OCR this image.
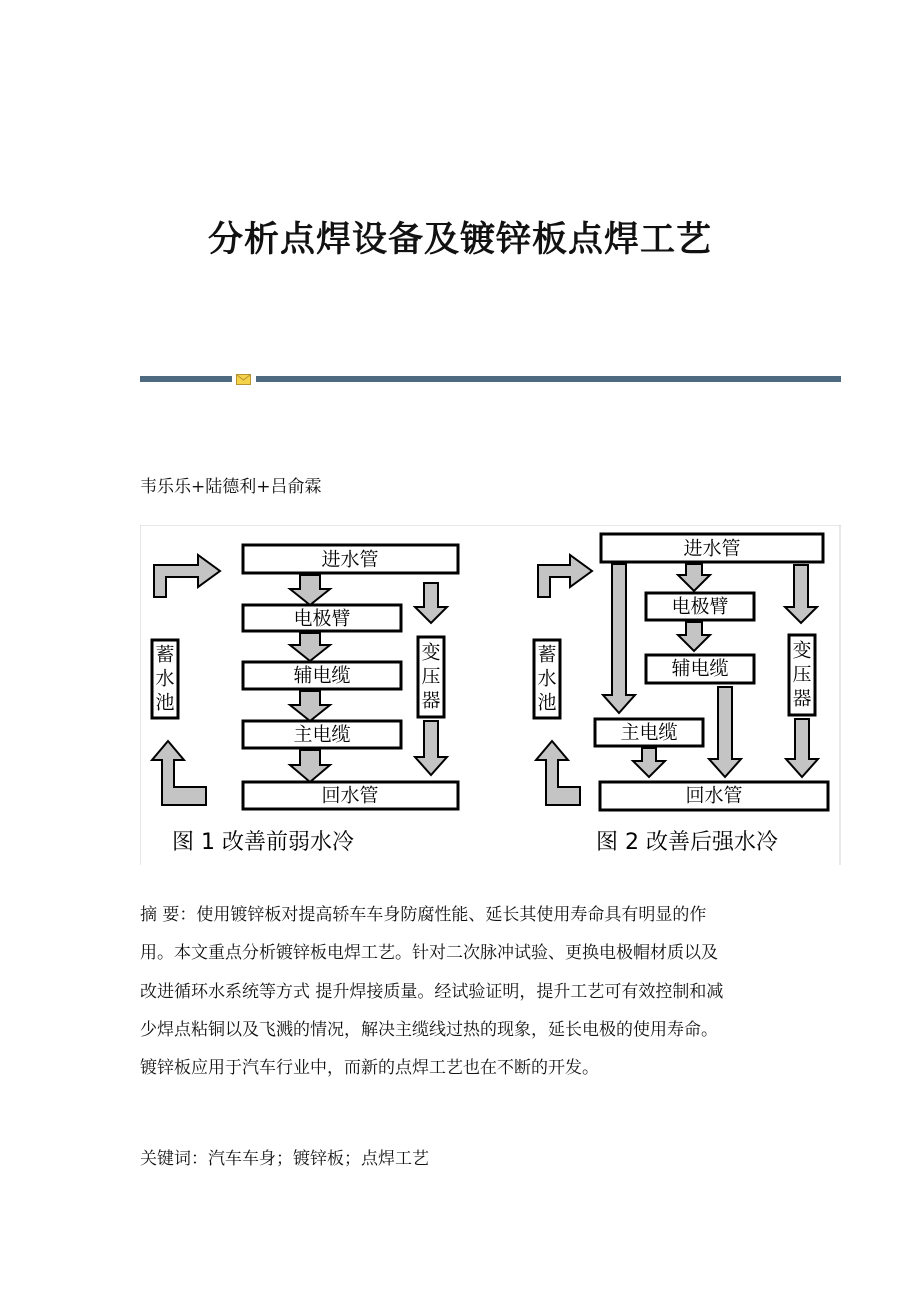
分析点焊设备及镀锌板点焊工艺
韦乐乐+陆德利+吕俞霖
蓄
水
池
进水管
电极臂
辅电缆
主电缆
变
压
器
回水管
图 1 改善前弱水冷
蓄
水
池
进水管
电极臂
辅电缆
主电缆
变
压
器
回水管
图 2 改善后强水冷
摘 要：使用镀锌板对提高轿车车身防腐性能、延长其使用寿命具有明显的作
用。本文重点分析镀锌板电焊工艺。针对二次脉冲试验、更换电极帽材质以及
改进循环水系统等方式 提升焊接质量。经试验证明，提升工艺可有效控制和减
少焊点粘铜以及飞溅的情况，解决主缆线过热的现象，延长电极的使用寿命。
镀锌板应用于汽车行业中，而新的点焊工艺也在不断的开发。
关键词：汽车车身；镀锌板；点焊工艺
